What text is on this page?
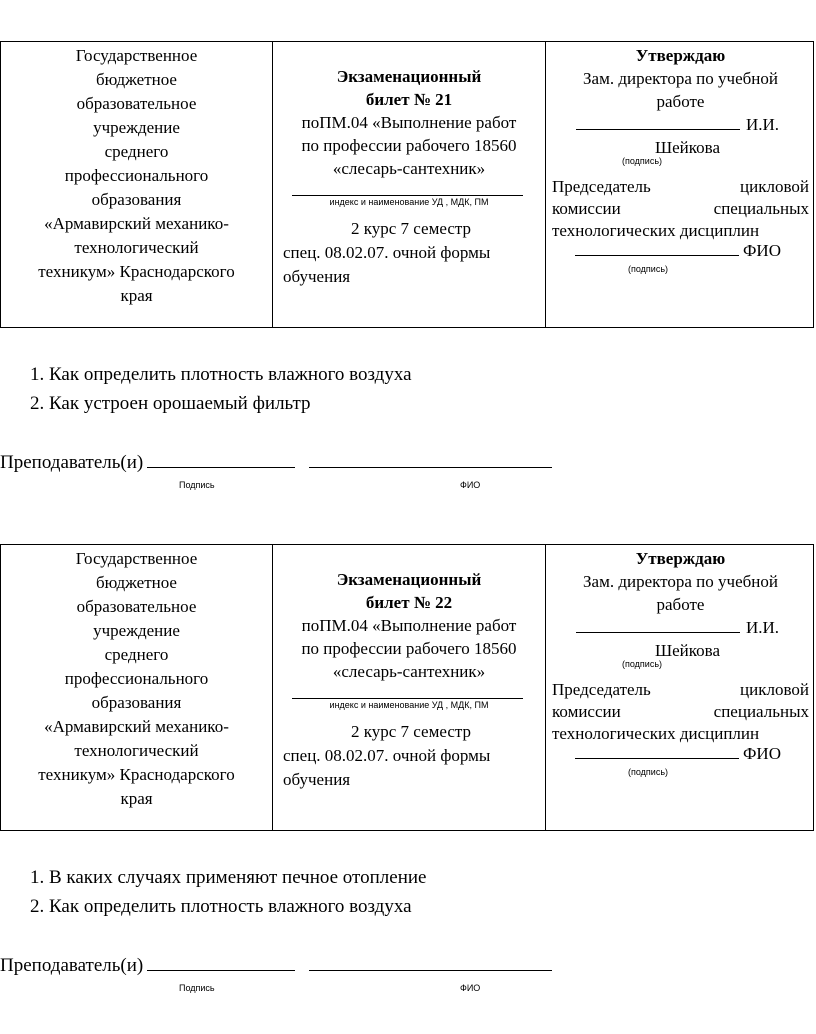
Государственное
бюджетное
образовательное
учреждение
среднего
профессионального
образования
«Армавирский механико-
технологический
техникум» Краснодарского
края
Экзаменационный
билет № 21
поПМ.04 «Выполнение работ
по профессии рабочего 18560
«слесарь-сантехник»
индекс и наименование УД , МДК, ПМ
2 курс 7 семестр
спец. 08.02.07. очной формы
обучения
Утверждаю
Зам. директора по учебной
работе
И.И.
Шейкова
(подпись)
Председатель цикловой
комиссии специальных
технологических дисциплин
ФИО
(подпись)
1. Как определить плотность влажного воздуха
2. Как устроен орошаемый фильтр
Преподаватель(и)
Подпись	ФИО
Государственное
бюджетное
образовательное
учреждение
среднего
профессионального
образования
«Армавирский механико-
технологический
техникум» Краснодарского
края
Экзаменационный
билет № 22
поПМ.04 «Выполнение работ
по профессии рабочего 18560
«слесарь-сантехник»
индекс и наименование УД , МДК, ПМ
2 курс 7 семестр
спец. 08.02.07. очной формы
обучения
Утверждаю
Зам. директора по учебной
работе
И.И.
Шейкова
(подпись)
Председатель цикловой
комиссии специальных
технологических дисциплин
ФИО
(подпись)
1. В каких случаях применяют печное отопление
2. Как определить плотность влажного воздуха
Преподаватель(и)
Подпись	ФИО
